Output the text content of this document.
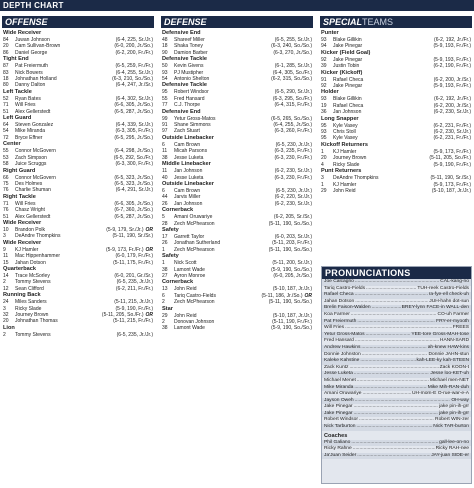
DEPTH CHART
OFFENSE	DEFENSE	SPECIALTEAMS
Wide Receiver
84	Juwan Johnson	(6-4, 225, Sr./Jr.)
20	Cam Sullivan-Brown	(6-0, 200, Jr./So.)
86	Daniel George	(6-2, 200, Fr./Fr.)
Tight End
87	Pat Freiermuth	(6-5, 259, Fr./Fr.)
83	Nick Bowers	(6-4, 255, Sr./Jr.)
18	Johnathan Holland	(6-3, 210, So./So.)
80	Danny Dalton	(6-4, 247, Jr./Sr.)
Left Tackle
52	Ryan Bates	(6-4, 302, Sr./Jr.)
71	Will Fries	(6-6, 305, Jr./So.)
51	Alex Gellerstedt	(6-5, 287, Jr./So.)
Left Guard
64	Steven Gonzalez	(6-4, 339, Sr./Jr.)
54	Mike Miranda	(6-3, 305, Fr./Fr.)
72	Bryce Effner	(6-5, 295, Jr./So.)
Center
55	Connor McGovern	(6-4, 298, Jr./So.)
53	Zach Simpson	(6-5, 292, So./Fr.)
58	Juice Scruggs	(6-3, 300, Fr./Fr.)
Right Guard
66	Connor McGovern	(6-5, 323, Jr./So.)
75	Des Holmes	(6-5, 323, Jr./So.)
76	Charlie Shuman	(6-4, 291, Sr./Jr.)
Right Tackle
71	Will Fries	(6-6, 305, Jr./So.)
76	Chasz Wright	(6-7, 360, Jr./So.)
51	Alex Gellerstedt	(6-5, 287, Jr./So.)
Wide Receiver
10	Brandon Polk	(5-9, 179, Sr./Jr.) OR
3	DeAndre Thompkins	(5-11, 190, Sr./Sr.)
Wide Receiver
9	KJ Hamler	(5-9, 173, Fr./Fr.) OR
11	Mac Hippenhammer	(6-0, 179, Fr./Fr.)
15	Jahan Dotson	(5-11, 175, Fr./Fr.)
Quarterback
14	Trace McSorley	(6-0, 201, Gr./Sr.)
2	Tommy Stevens	(6-5, 235, Jr./Jr.)
12	Sean Clifford	(6-2, 211, Fr./Fr.)
Running Back
24	Miles Sanders	(5-11, 215, Jr./Jr.)
3	Ricky Slade	(5-9, 190, Fr./Fr.)
32	Journey Brown	(5-11, 205, So./Fr.) OR
20	Johnathan Thomas	(5-11, 215, Fr./Fr.)
Lion
2	Tommy Stevens	(6-5, 235, Jr./Jr.)
Defensive End
48	Shareef Miller	(6-5, 255, Sr./Jr.)
18	Shaka Toney	(6-3, 240, So./So.)
90	Damion Barber	(6-3, 270, Jr./So.)
Defensive Tackle
50	Kevin Givens	(6-1, 285, Sr./Jr.)
93	PJ Mustipher	(6-4, 305, So./Fr.)
54	Antonio Shelton	(6-2, 315, So./So.)
Defensive Tackle
95	Robert Windsor	(6-5, 290, Sr./Jr.)
55	Fred Hansard	(6-3, 295, So./Fr.)
77	C.J. Thorpe	(6-4, 315, Fr./Fr.)
Defensive End
99	Yetur Gross-Matos	(6-5, 265, So./So.)
91	Shane Simmons	(6-4, 255, Jr./So.)
97	Zach Stuart	(6-3, 260, Fr./Fr.)
Outside Linebacker
6	Cam Brown	(6-5, 230, Jr./Jr.)
11	Micah Parsons	(6-3, 235, Fr./Fr.)
38	Jesse Luketa	(6-3, 230, Fr./Fr.)
Middle Linebacker
11	Jan Johnson	(6-2, 230, Sr./Jr.)
40	Jesse Luketa	(6-3, 230, Fr./Fr.)
Outside Linebacker
6	Cam Brown	(6-5, 230, Jr./Jr.)
44	Jarvis Miller	(6-2, 220, Sr./Jr.)
26	Jan Johnson	(6-2, 230, Sr./Jr.)
Cornerback
5	Amani Oruwariye	(6-2, 205, Sr./Sr.)
28	Zech McPhearson	(5-11, 190, So./So.)
Safety
17	Garrett Taylor	(6-0, 203, Sr./Jr.)
26	Jonathan Sutherland	(5-11, 203, Fr./Fr.)
1	Zech McPhearson	(5-11, 190, So./So.)
Safety
1	Nick Scott	(5-11, 200, Sr./Jr.)
38	Lamont Wade	(5-9, 190, So./So.)
27	Ayron Monroe	(6-0, 205, Jr./So.)
Cornerback
13	John Reid	(5-10, 187, Jr./Jr.)
6	Tariq Castro-Fields	(5-11, 186, Jr./So.) OR
2	Zech McPhearson	(5-11, 190, So./So.)
Star
29	John Reid	(5-10, 187, Jr./Jr.)
2	Donovan Johnson	(5-11, 190, Fr./Fr.)
38	Lamont Wade	(5-9, 190, So./So.)
Punter
93	Blake Gillikin	(6-2, 192, Jr./Fr.)
94	Jake Pinegar	(5-9, 193, Fr./Fr.)
Kicker (Field Goal)
92	Jake Pinegar	(5-9, 193, Fr./Fr.)
39	Justin Tobin	(6-2, 190, Fr./Fr.)
Kicker (Kickoff)
91	Rafael Checa	(6-2, 200, Jr./Sr.)
92	Jake Pinegar	(5-9, 193, Fr./Fr.)
Holder
93	Blake Gillikin	(6-2, 192, Jr./Fr.)
19	Rafael Checa	(6-2, 200, Jr./Sr.)
36	Jan Johnson	(6-2, 230, Sr./Jr.)
Long Snapper
95	Kyle Vasey	(6-2, 231, Fr./Fr.)
93	Chris Stoll	(6-2, 230, Sr./Jr.)
95	Kyle Vasey	(6-2, 231, Fr./Fr.)
Kickoff Returners
1	KJ Hamler	(5-9, 173, Fr./Fr.)
20	Journey Brown	(5-11, 205, So./Fr.)
4	Ricky Slade	(5-9, 190, Fr./Fr.)
Punt Returners
3	DeAndre Thompkins	(5-11, 190, Sr./Sr.)
1	KJ Hamler	(5-9, 173, Fr./Fr.)
29	John Reid	(5-10, 187, Jr./Jr.)
PRONUNCIATIONS
Joe Calcagno .....	CAL-kang-no
Tariq Castro-Fields .....	TUH-reek Castro-Fields
Rafael Checa .....	ra-fye-ell check-uh
Jahan Dotson .....	JUH-hahn dot-sun
Brelin Faison-Walden .....	BREY-lynn FACE-in WALL-den
Koa Farmer .....	CO-uh Farmer
Pat Freiermuth .....	FRY-er-myooth
Will Fries .....	FREES
Yetur Gross-Matos .....	YEE-tore Gross-MAH-tose
Fred Hansard .....	HANN-SARD
Andrew Hawkins .....	ah-knew HAW-kins
Donnie Johnston .....	Donnie JAHN-stun
Kaleke Kahstine .....	kah-LEE-ky kah-STEEN
Zack Kuntz .....	Zack KOON-t
Jesse Luketa .....	Jesse loo-KET-uh
Michael Menet .....	Michael men-NET
Mike Miranda .....	Mike Mih-RAN-duh
Amani Oruwariye .....	UH-mom-E O-rue-war-e-A
Jayson Oweh .....	OH-way
Jake Pinegar .....	jake pin-ih-grr
Jake Pinegar .....	jake pin-ih-grr
Robert Windsor .....	Robert WIN-zer
Nick Tarburton .....	Nick TAR-burton
Coaches
Phil Galiano .....	gall-lee-on-no
Ricky Rahne .....	Ricky RAH-nee
Ja'Juan Seider .....	JAY-juan SIDE-er
